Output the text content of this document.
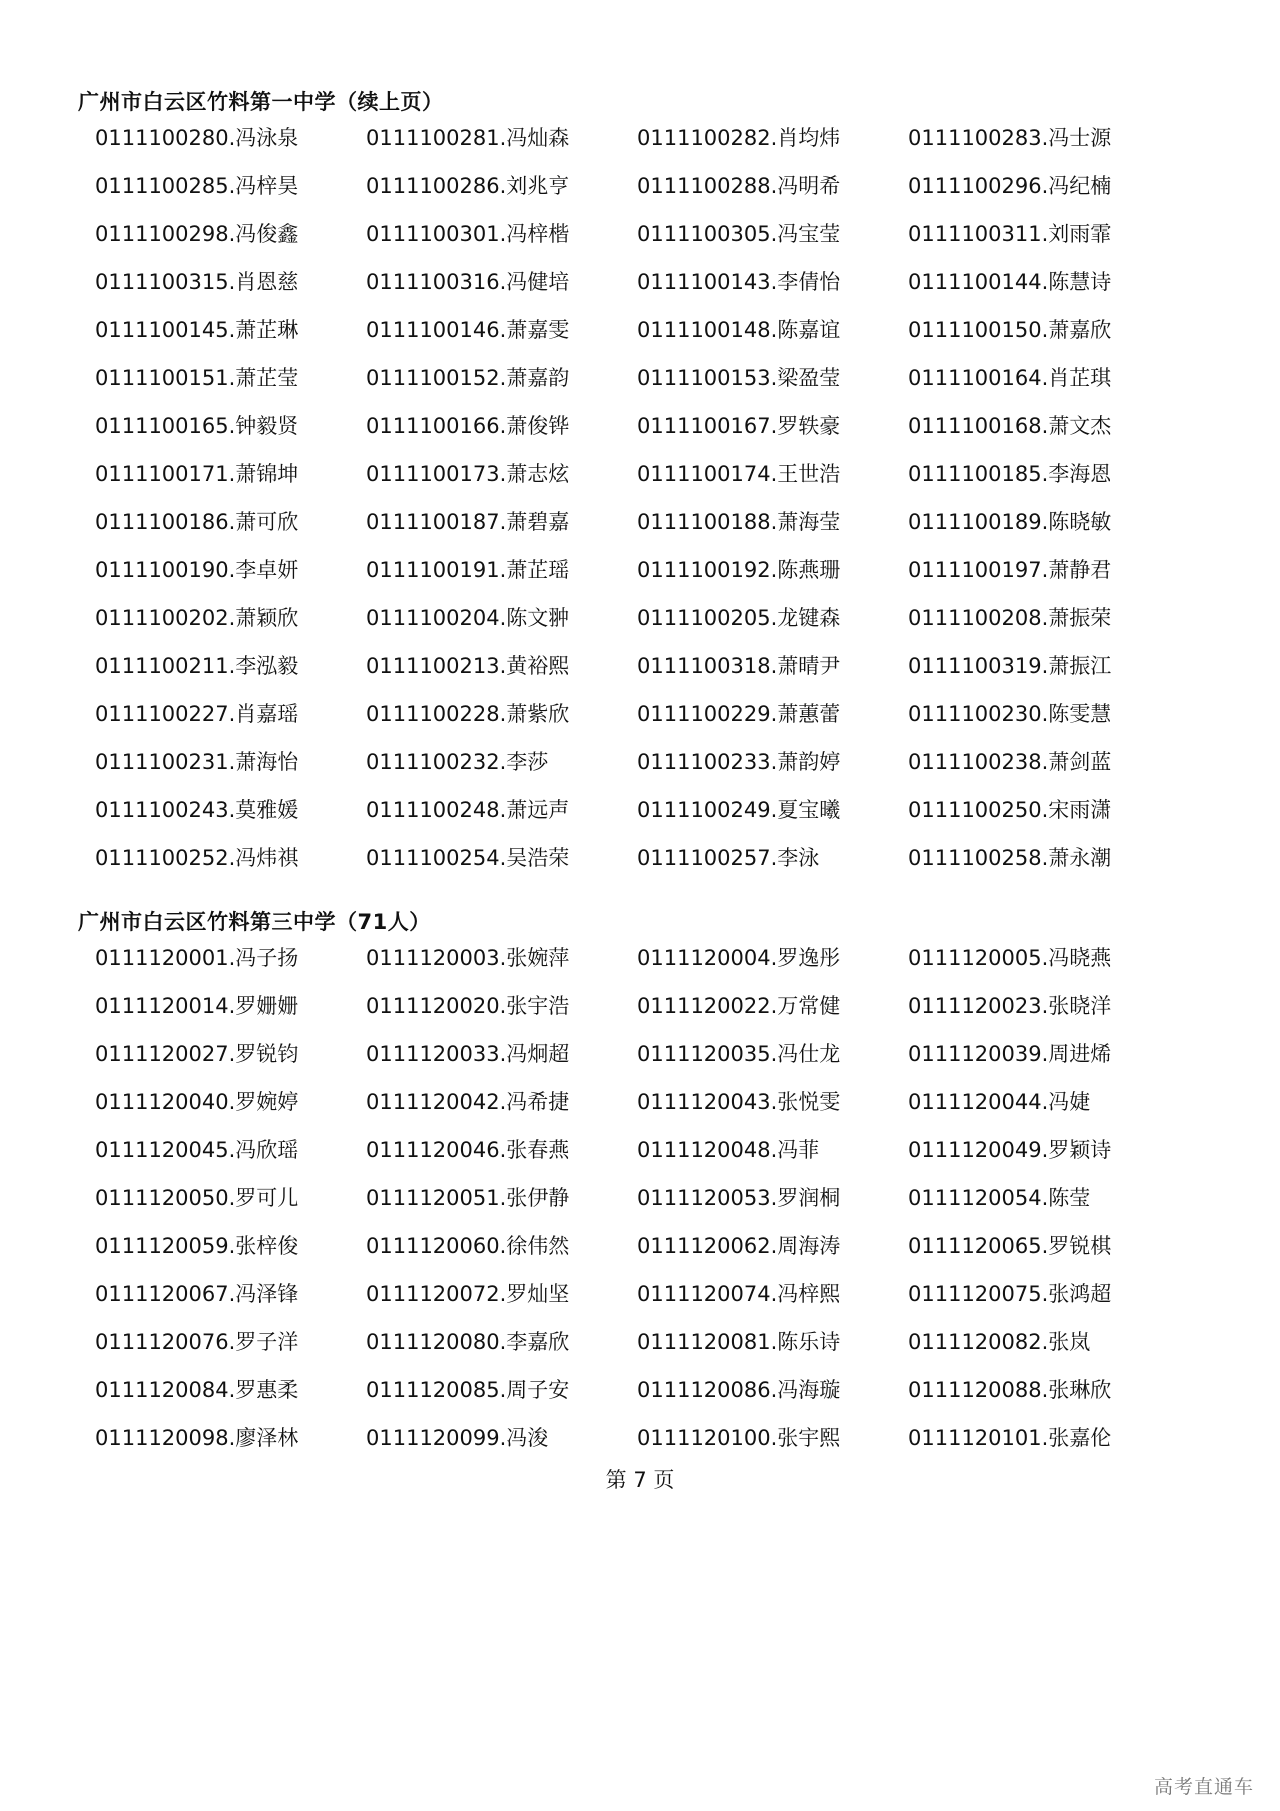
广州市白云区竹料第一中学（续上页）
0111100280.冯泳泉	0111100281.冯灿森	0111100282.肖均炜	0111100283.冯士源
0111100285.冯梓昊	0111100286.刘兆亨	0111100288.冯明希	0111100296.冯纪楠
0111100298.冯俊鑫	0111100301.冯梓楷	0111100305.冯宝莹	0111100311.刘雨霏
0111100315.肖恩慈	0111100316.冯健培	0111100143.李倩怡	0111100144.陈慧诗
0111100145.萧芷琳	0111100146.萧嘉雯	0111100148.陈嘉谊	0111100150.萧嘉欣
0111100151.萧芷莹	0111100152.萧嘉韵	0111100153.梁盈莹	0111100164.肖芷琪
0111100165.钟毅贤	0111100166.萧俊铧	0111100167.罗轶豪	0111100168.萧文杰
0111100171.萧锦坤	0111100173.萧志炫	0111100174.王世浩	0111100185.李海恩
0111100186.萧可欣	0111100187.萧碧嘉	0111100188.萧海莹	0111100189.陈晓敏
0111100190.李卓妍	0111100191.萧芷瑶	0111100192.陈燕珊	0111100197.萧静君
0111100202.萧颖欣	0111100204.陈文翀	0111100205.龙键森	0111100208.萧振荣
0111100211.李泓毅	0111100213.黄裕熙	0111100318.萧晴尹	0111100319.萧振江
0111100227.肖嘉瑶	0111100228.萧紫欣	0111100229.萧蕙蕾	0111100230.陈雯慧
0111100231.萧海怡	0111100232.李莎	0111100233.萧韵婷	0111100238.萧剑蓝
0111100243.莫雅媛	0111100248.萧远声	0111100249.夏宝曦	0111100250.宋雨潇
0111100252.冯炜祺	0111100254.吴浩荣	0111100257.李泳	0111100258.萧永潮
广州市白云区竹料第三中学（71人）
0111120001.冯子扬	0111120003.张婉萍	0111120004.罗逸彤	0111120005.冯晓燕
0111120014.罗姗姗	0111120020.张宇浩	0111120022.万常健	0111120023.张晓洋
0111120027.罗锐钧	0111120033.冯炯超	0111120035.冯仕龙	0111120039.周进烯
0111120040.罗婉婷	0111120042.冯希捷	0111120043.张悦雯	0111120044.冯婕
0111120045.冯欣瑶	0111120046.张春燕	0111120048.冯菲	0111120049.罗颖诗
0111120050.罗可儿	0111120051.张伊静	0111120053.罗润桐	0111120054.陈莹
0111120059.张梓俊	0111120060.徐伟然	0111120062.周海涛	0111120065.罗锐棋
0111120067.冯泽锋	0111120072.罗灿坚	0111120074.冯梓熙	0111120075.张鸿超
0111120076.罗子洋	0111120080.李嘉欣	0111120081.陈乐诗	0111120082.张岚
0111120084.罗惠柔	0111120085.周子安	0111120086.冯海璇	0111120088.张琳欣
0111120098.廖泽林	0111120099.冯浚	0111120100.张宇熙	0111120101.张嘉伦
第 7 页
高考直通车
